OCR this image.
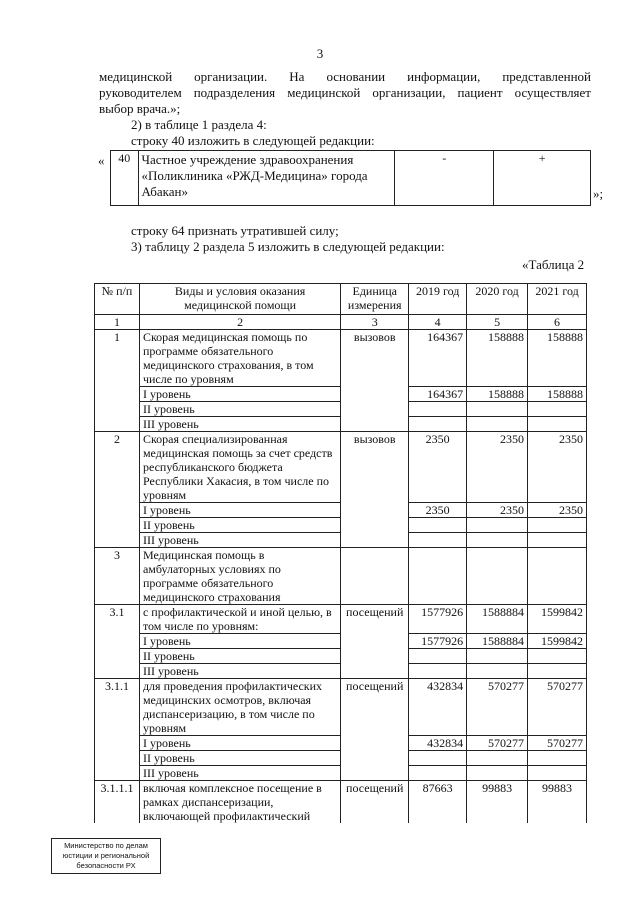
3
медицинской организации. На основании информации, представленной
руководителем подразделения медицинской организации, пациент осуществляет
выбор врача.»;
2) в таблице 1 раздела 4:
строку 40 изложить в следующей редакции:
« 40	Частное учреждение здравоохранения «Поликлиника «РЖД-Медицина» города Абакан»	-	+
»;
строку 64 признать утратившей силу;
3) таблицу 2 раздела 5 изложить в следующей редакции:
«Таблица 2
№ п/п	Виды и условия оказания медицинской помощи	Единица измерения	2019 год	2020 год	2021 год
1	2	3	4	5	6
1	Скорая медицинская помощь по программе обязательного медицинского страхования, в том числе по уровням	вызовов	164367	158888	158888
	I уровень		164367	158888	158888
	II уровень				
	III уровень				
2	Скорая специализированная медицинская помощь за счет средств республиканского бюджета Республики Хакасия, в том числе по уровням	вызовов	2350	2350	2350
	I уровень		2350	2350	2350
	II уровень				
	III уровень				
3	Медицинская помощь в амбулаторных условиях по программе обязательного медицинского страхования				
3.1	с профилактической и иной целью, в том числе по уровням:	посещений	1577926	1588884	1599842
	I уровень		1577926	1588884	1599842
	II уровень				
	III уровень				
3.1.1	для проведения профилактических медицинских осмотров, включая диспансеризацию, в том числе по уровням	посещений	432834	570277	570277
	I уровень		432834	570277	570277
	II уровень				
	III уровень				
3.1.1.1	включая комплексное посещение в рамках диспансеризации, включающей профилактический	посещений	87663	99883	99883
Министерство по делам
юстиции и региональной
безопасности РХ
